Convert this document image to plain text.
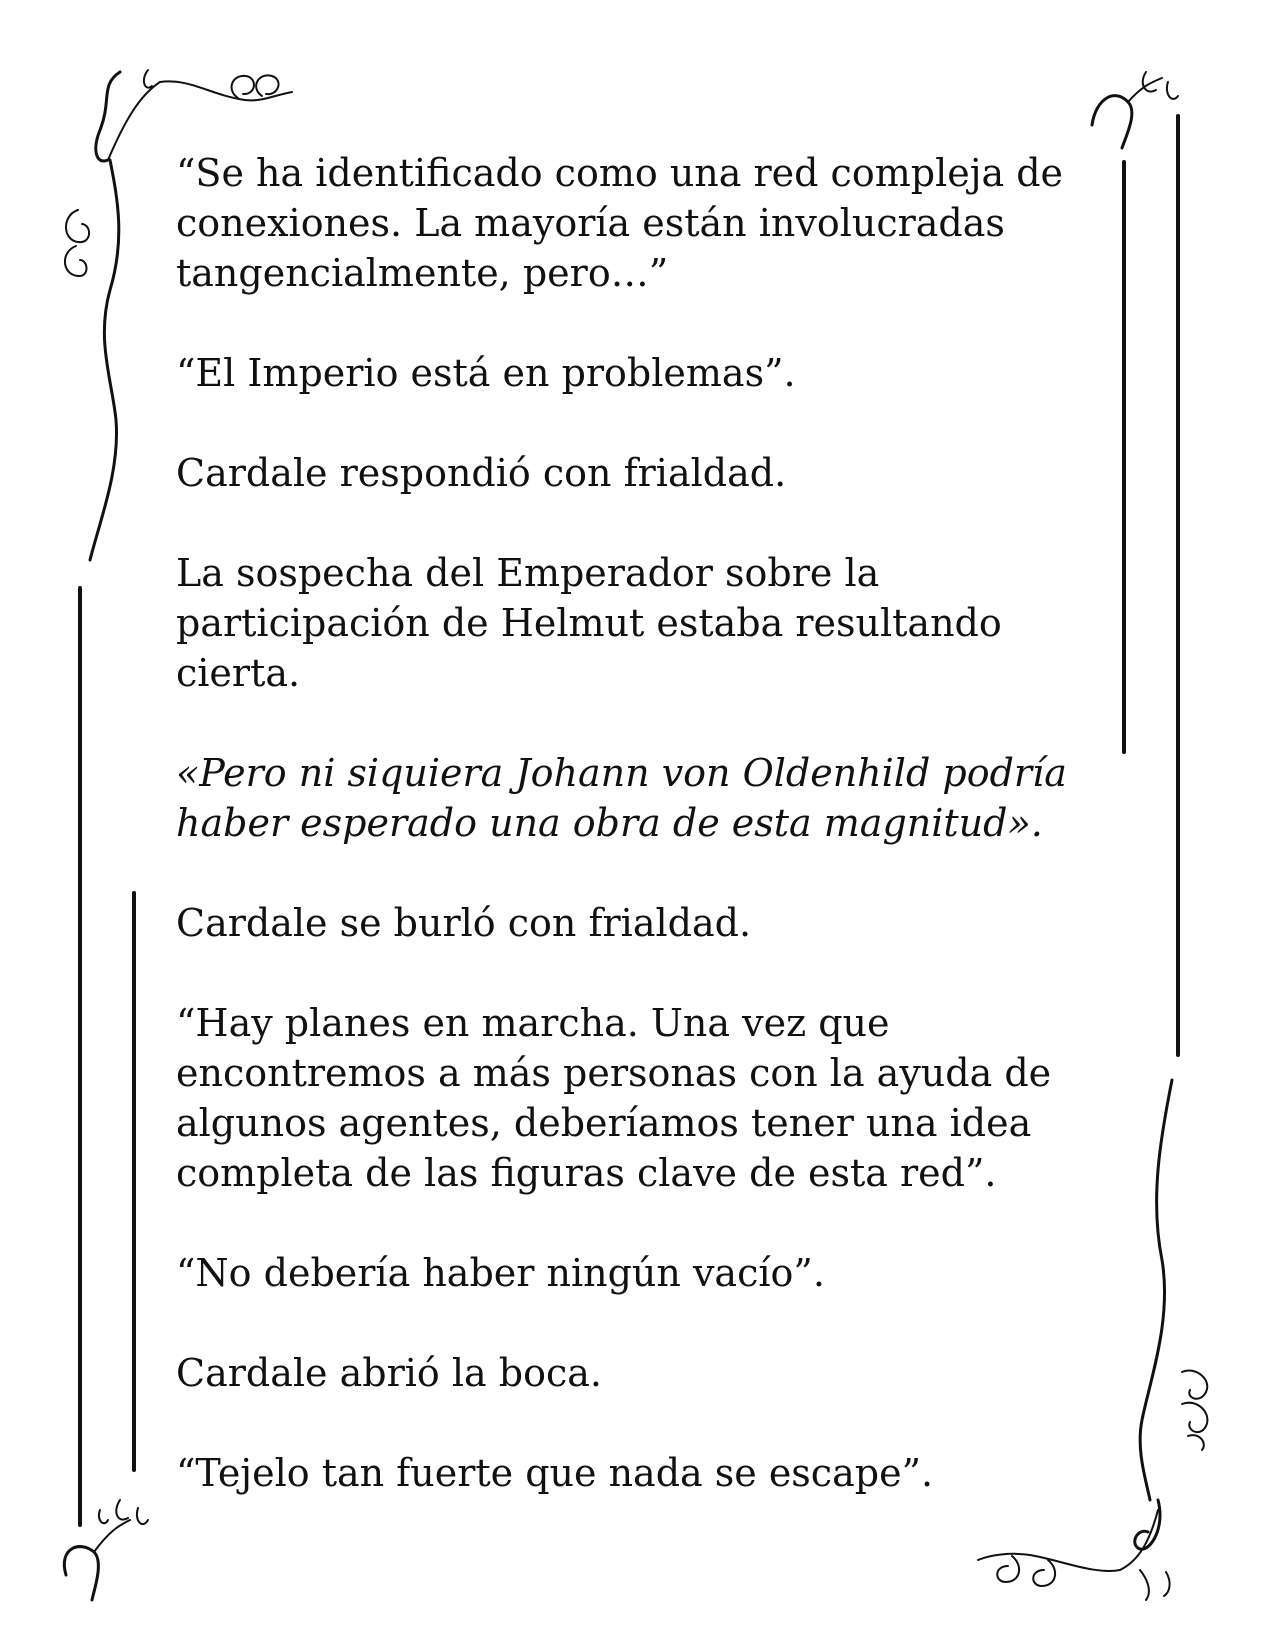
“Se ha identificado como una red compleja de
conexiones. La mayoría están involucradas
tangencialmente, pero…”

“El Imperio está en problemas”.

Cardale respondió con frialdad.

La sospecha del Emperador sobre la
participación de Helmut estaba resultando
cierta.

«Pero ni siquiera Johann von Oldenhild podría
haber esperado una obra de esta magnitud».

Cardale se burló con frialdad.

“Hay planes en marcha. Una vez que
encontremos a más personas con la ayuda de
algunos agentes, deberíamos tener una idea
completa de las figuras clave de esta red”.

“No debería haber ningún vacío”.

Cardale abrió la boca.

“Tejelo tan fuerte que nada se escape”.
